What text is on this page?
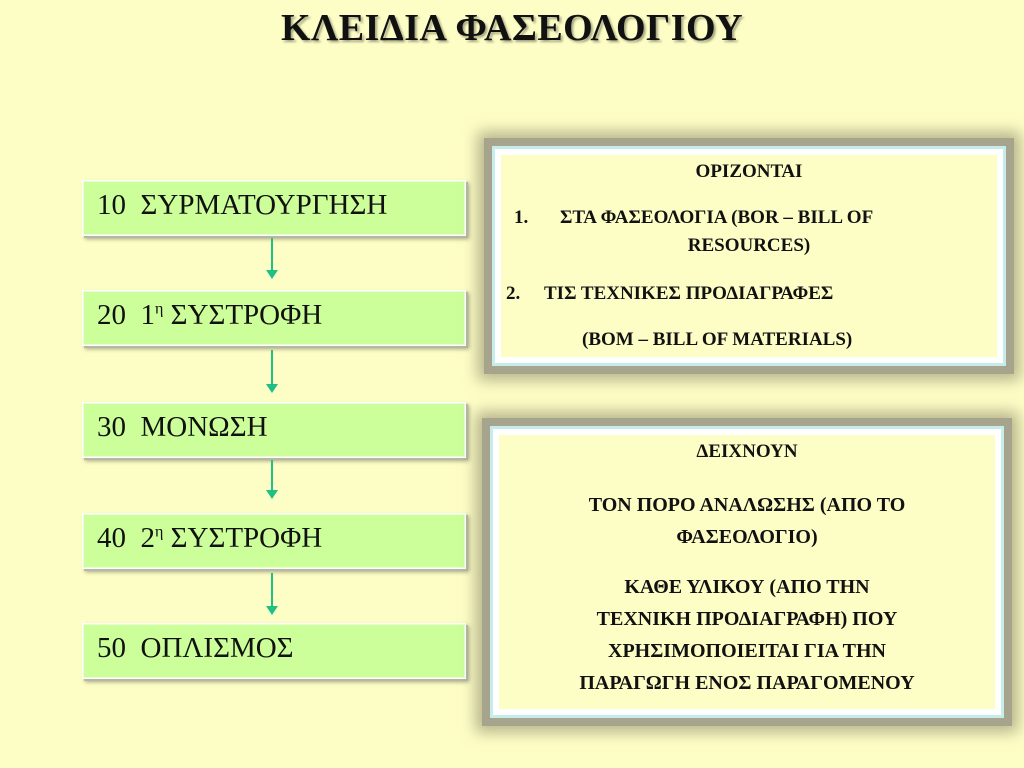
ΚΛΕΙΔΙΑ ΦΑΣΕΟΛΟΓΙΟΥ
10 ΣΥΡΜΑΤΟΥΡΓΗΣΗ
20 $1^\eta$ ΣΥΣΤΡΟΦΗ
30 ΜΟΝΩΣΗ
40 $2^\eta$ ΣΥΣΤΡΟΦΗ
50 ΟΠΛΙΣΜΟΣ
ΟΡΙΖΟΝΤΑΙ
1. ΣΤΑ ΦΑΣΕΟΛΟΓΙΑ (BOR – BILL OF
RESOURCES)
2. ΤΙΣ ΤΕΧΝΙΚΕΣ ΠΡΟΔΙΑΓΡΑΦΕΣ
(BOM – BILL OF MATERIALS)
ΔΕΙΧΝΟΥΝ
ΤΟΝ ΠΟΡΟ ΑΝΑΛΩΣΗΣ (ΑΠΟ ΤΟ
ΦΑΣΕΟΛΟΓΙΟ)
ΚΑΘΕ ΥΛΙΚΟΥ (ΑΠΟ ΤΗΝ
ΤΕΧΝΙΚΗ ΠΡΟΔΙΑΓΡΑΦΗ) ΠΟΥ
ΧΡΗΣΙΜΟΠΟΙΕΙΤΑΙ ΓΙΑ ΤΗΝ
ΠΑΡΑΓΩΓΗ ΕΝΟΣ ΠΑΡΑΓΟΜΕΝΟΥ
